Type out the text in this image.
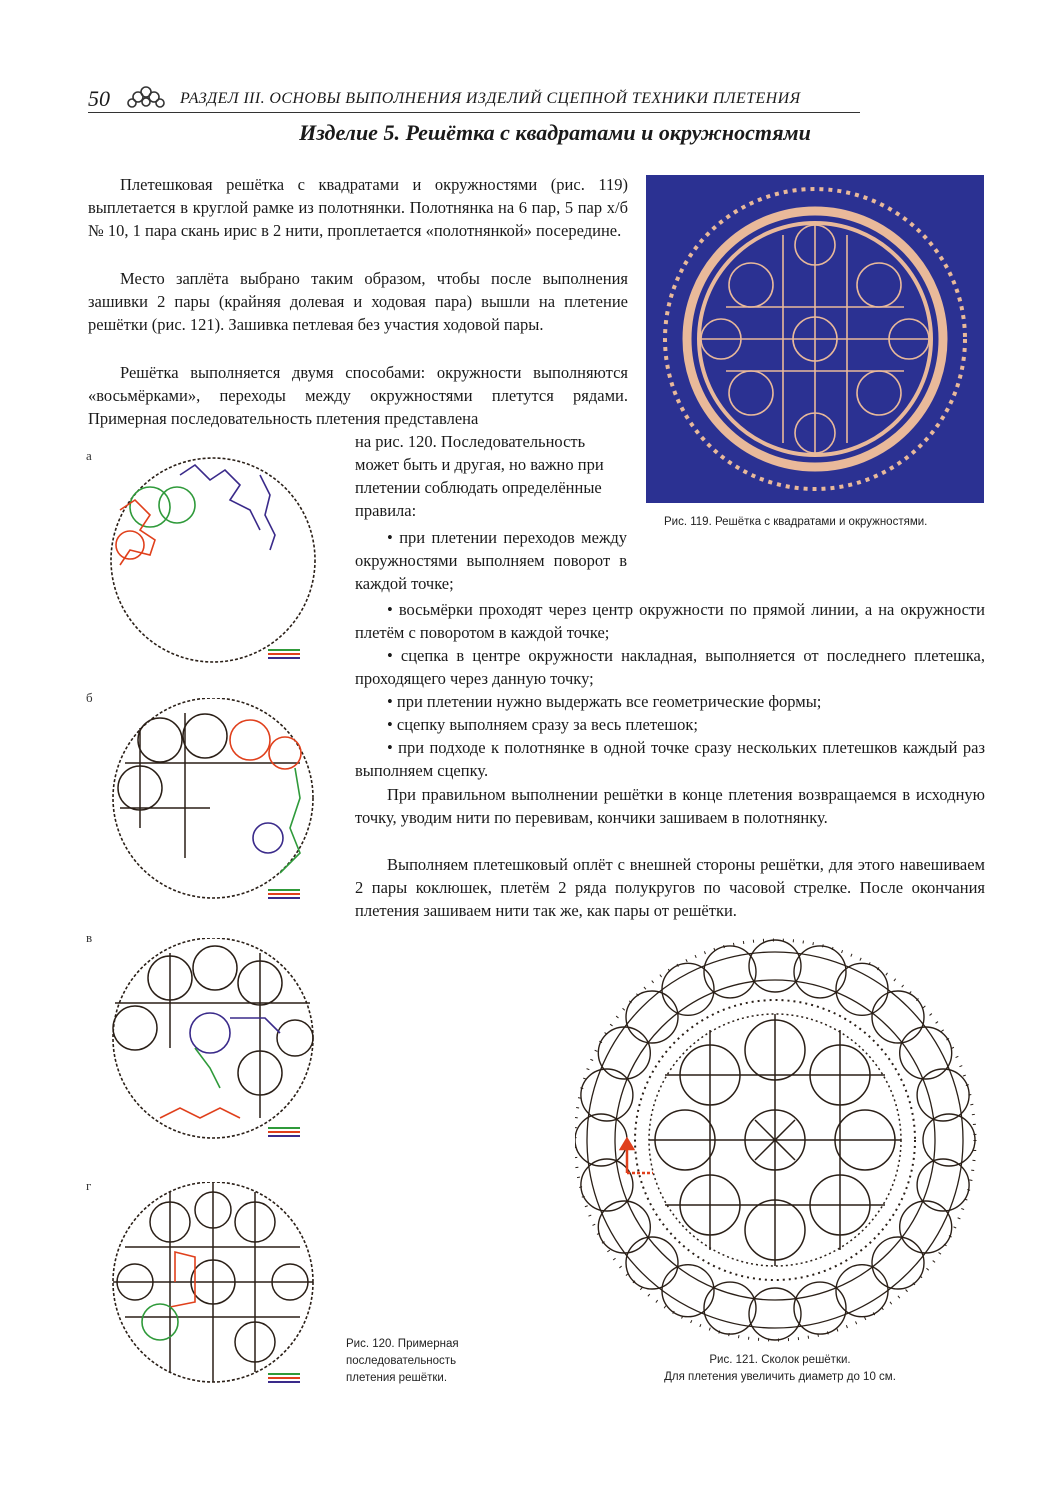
50	РАЗДЕЛ III. ОСНОВЫ ВЫПОЛНЕНИЯ ИЗДЕЛИЙ СЦЕПНОЙ ТЕХНИКИ ПЛЕТЕНИЯ
Изделие 5. Решётка с квадратами и окружностями

Плетешковая решётка с квадратами и окружностями (рис. 119) выплетается в круглой рамке из полотнянки. Полотнянка на 6 пар, 5 пар х/б № 10, 1 пара скань ирис в 2 нити, проплетается «полотнянкой» посередине.

Место заплёта выбрано таким образом, чтобы после выполнения зашивки 2 пары (крайняя долевая и ходовая пара) вышли на плетение решётки (рис. 121). Зашивка петлевая без участия ходовой пары.

Решётка выполняется двумя способами: окружности выполняются «восьмёрками», переходы между окружностями плетутся рядами. Примерная последовательность плетения представлена

на рис. 120. Последовательность может быть и другая, но важно при плетении соблюдать определённые правила:

• при плетении переходов между окружностями выполняем поворот в каждой точке;

• восьмёрки проходят через центр окружности по прямой линии, а на окружности плетём с поворотом в каждой точке;

• сцепка в центре окружности накладная, выполняется от последнего плетешка, проходящего через данную точку;

• при плетении нужно выдержать все геометрические формы;

• сцепку выполняем сразу за весь плетешок;

• при подходе к полотнянке в одной точке сразу нескольких плетешков каждый раз выполняем сцепку.

При правильном выполнении решётки в конце плетения возвращаемся в исходную точку, уводим нити по перевивам, кончики зашиваем в полотнянку.

Выполняем плетешковый оплёт с внешней стороны решётки, для этого навешиваем 2 пары коклюшек, плетём 2 ряда полукругов по часовой стрелке. После окончания плетения зашиваем нити так же, как пары от решётки.

Рис. 119. Решётка с квадратами и окружностями.
а
б
в
г
Рис. 120. Примерная
последовательность
плетения решётки.
Рис. 121. Сколок решётки.
Для плетения увеличить диаметр до 10 см.
